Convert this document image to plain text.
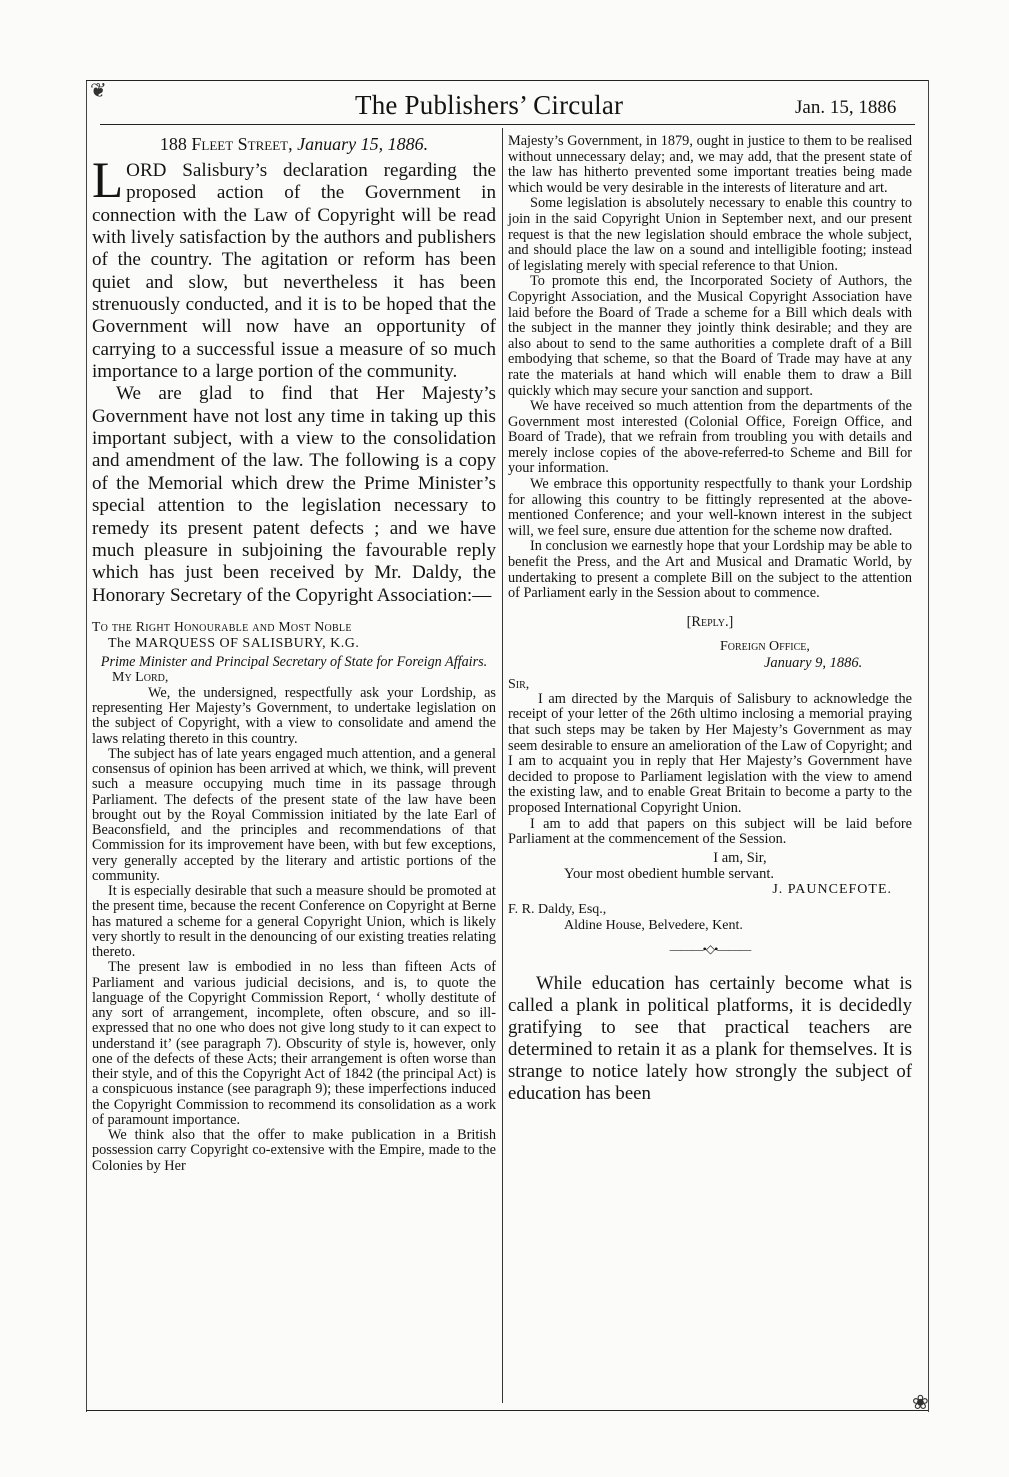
❦
❀
The Publishers’ Circular	Jan. 15, 1886

188 Fleet Street, January 15, 1886.

LORD Salisbury’s declaration regarding the proposed action of the Government in connection with the Law of Copyright will be read with lively satisfaction by the authors and publishers of the country. The agitation or reform has been quiet and slow, but nevertheless it has been strenuously conducted, and it is to be hoped that the Government will now have an opportunity of carrying to a successful issue a measure of so much importance to a large portion of the community.

We are glad to find that Her Majesty’s Government have not lost any time in taking up this important subject, with a view to the consolidation and amendment of the law. The following is a copy of the Memorial which drew the Prime Minister’s special attention to the legislation necessary to remedy its present patent defects ; and we have much pleasure in subjoining the favourable reply which has just been received by Mr. Daldy, the Honorary Secretary of the Copyright Association:—

To the Right Honourable and Most Noble

The MARQUESS OF SALISBURY, K.G.

Prime Minister and Principal Secretary of State for Foreign Affairs.

My Lord,

We, the undersigned, respectfully ask your Lordship, as representing Her Majesty’s Government, to undertake legislation on the subject of Copyright, with a view to consolidate and amend the laws relating thereto in this country.

The subject has of late years engaged much attention, and a general consensus of opinion has been arrived at which, we think, will prevent such a measure occupying much time in its passage through Parliament. The defects of the present state of the law have been brought out by the Royal Commission initiated by the late Earl of Beaconsfield, and the principles and recommendations of that Commission for its improvement have been, with but few exceptions, very generally accepted by the literary and artistic portions of the community.

It is especially desirable that such a measure should be promoted at the present time, because the recent Conference on Copyright at Berne has matured a scheme for a general Copyright Union, which is likely very shortly to result in the denouncing of our existing treaties relating thereto.

The present law is embodied in no less than fifteen Acts of Parliament and various judicial decisions, and is, to quote the language of the Copyright Commission Report, ‘ wholly destitute of any sort of arrangement, incomplete, often obscure, and so ill-expressed that no one who does not give long study to it can expect to understand it’ (see paragraph 7). Obscurity of style is, however, only one of the defects of these Acts; their arrangement is often worse than their style, and of this the Copyright Act of 1842 (the principal Act) is a conspicuous instance (see paragraph 9); these imperfections induced the Copyright Commission to recommend its consolidation as a work of paramount importance.

We think also that the offer to make publication in a British possession carry Copyright co-extensive with the Empire, made to the Colonies by Her

Majesty’s Government, in 1879, ought in justice to them to be realised without unnecessary delay; and, we may add, that the present state of the law has hitherto prevented some important treaties being made which would be very desirable in the interests of literature and art.

Some legislation is absolutely necessary to enable this country to join in the said Copyright Union in September next, and our present request is that the new legislation should embrace the whole subject, and should place the law on a sound and intelligible footing; instead of legislating merely with special reference to that Union.

To promote this end, the Incorporated Society of Authors, the Copyright Association, and the Musical Copyright Association have laid before the Board of Trade a scheme for a Bill which deals with the subject in the manner they jointly think desirable; and they are also about to send to the same authorities a complete draft of a Bill embodying that scheme, so that the Board of Trade may have at any rate the materials at hand which will enable them to draw a Bill quickly which may secure your sanction and support.

We have received so much attention from the departments of the Government most interested (Colonial Office, Foreign Office, and Board of Trade), that we refrain from troubling you with details and merely inclose copies of the above-referred-to Scheme and Bill for your information.

We embrace this opportunity respectfully to thank your Lordship for allowing this country to be fittingly represented at the above-mentioned Conference; and your well-known interest in the subject will, we feel sure, ensure due attention for the scheme now drafted.

In conclusion we earnestly hope that your Lordship may be able to benefit the Press, and the Art and Musical and Dramatic World, by undertaking to present a complete Bill on the subject to the attention of Parliament early in the Session about to commence.

[Reply.]

Foreign Office,

January 9, 1886.

Sir,

I am directed by the Marquis of Salisbury to acknowledge the receipt of your letter of the 26th ultimo inclosing a memorial praying that such steps may be taken by Her Majesty’s Government as may seem desirable to ensure an amelioration of the Law of Copyright; and I am to acquaint you in reply that Her Majesty’s Government have decided to propose to Parliament legislation with the view to amend the existing law, and to enable Great Britain to become a party to the proposed International Copyright Union.

I am to add that papers on this subject will be laid before Parliament at the commencement of the Session.

I am, Sir,

Your most obedient humble servant.

J. PAUNCEFOTE.

F. R. Daldy, Esq.,

Aldine House, Belvedere, Kent.

———•◇•———

While education has certainly become what is called a plank in political platforms, it is decidedly gratifying to see that practical teachers are determined to retain it as a plank for themselves. It is strange to notice lately how strongly the subject of education has been
